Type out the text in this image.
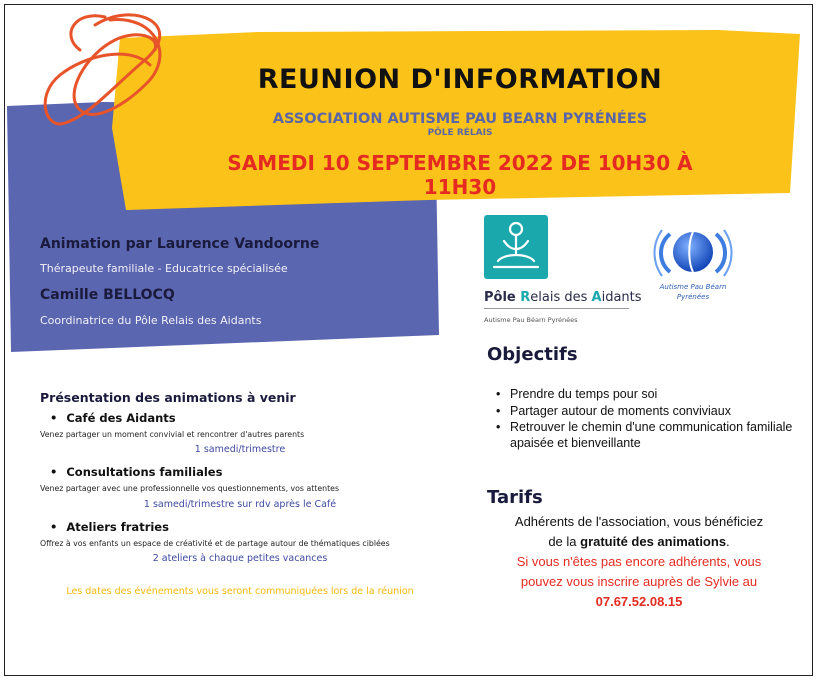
REUNION D'INFORMATION
ASSOCIATION AUTISME PAU BEARN PYRÉNÉES
PÔLE RÉLAIS
SAMEDI 10 SEPTEMBRE 2022 DE 10H30 À 11H30
Animation par Laurence Vandoorne
Thérapeute familiale - Educatrice spécialisée
Camille BELLOCQ
Coordinatrice du Pôle Relais des Aidants
Présentation des animations à venir
• Café des Aidants
Venez partager un moment convivial et rencontrer d'autres parents
1 samedi/trimestre
• Consultations familiales
Venez partager avec une professionnelle vos questionnements, vos attentes
1 samedi/trimestre sur rdv après le Café
• Ateliers fratries
Offrez à vos enfants un espace de créativité et de partage autour de thématiques ciblées
2 ateliers à chaque petites vacances
Les dates des événements vous seront communiquées lors de la réunion
Pôle Relais des Aidants
Autisme Pau Béarn Pyrénées
Autisme Pau Béarn
Pyrénées
Objectifs
• Prendre du temps pour soi
• Partager autour de moments conviviaux
• Retrouver le chemin d'une communication familiale apaisée et bienveillante
Tarifs
Adhérents de l'association, vous bénéficiez
de la gratuité des animations.
Si vous n'êtes pas encore adhérents, vous
pouvez vous inscrire auprès de Sylvie au
07.67.52.08.15
